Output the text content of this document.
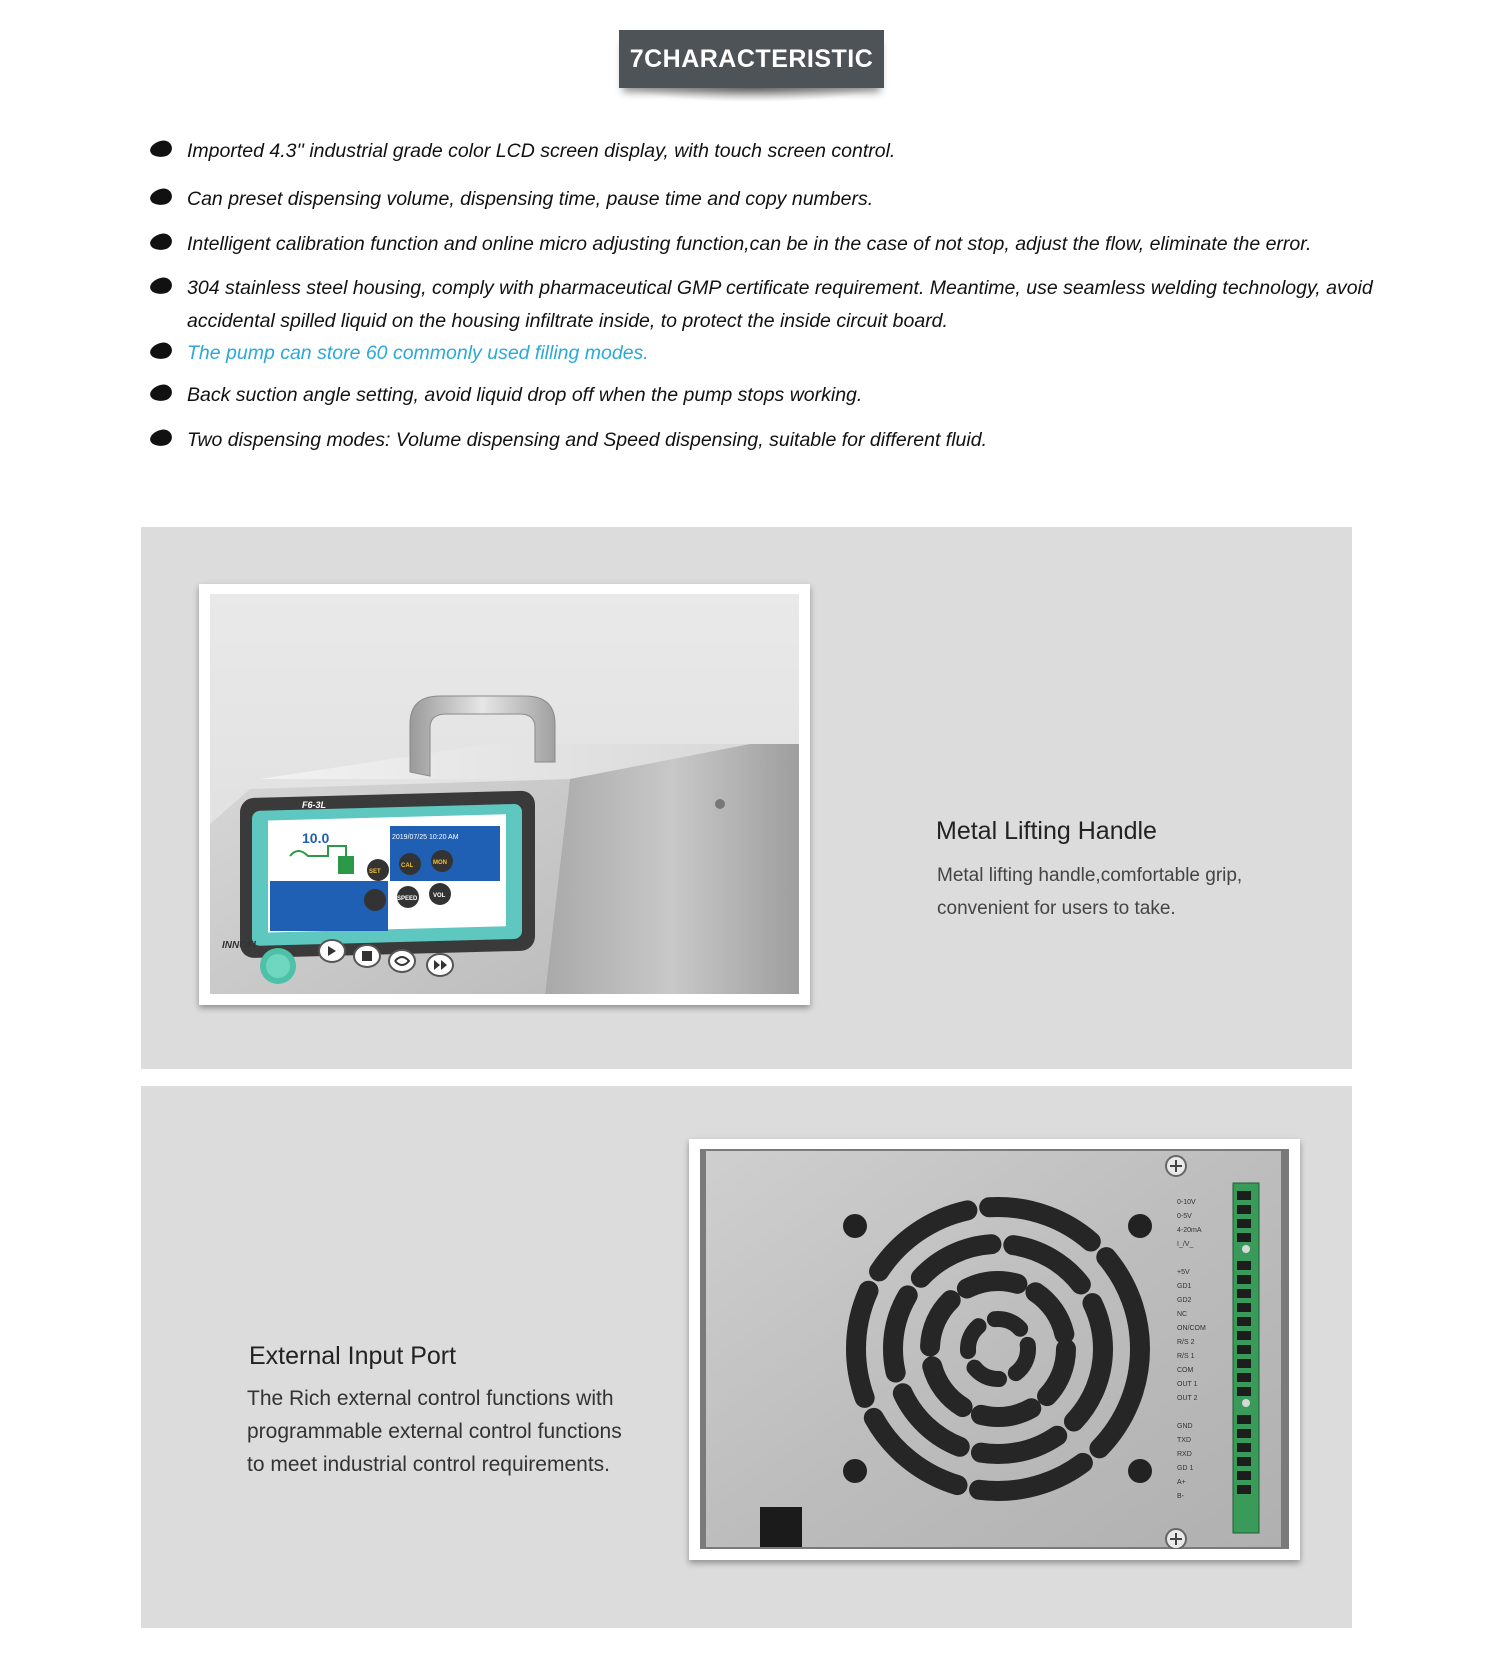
7CHARACTERISTIC
Imported 4.3'' industrial grade color LCD screen display, with touch screen control.
Can preset dispensing volume, dispensing time, pause time and copy numbers.
Intelligent calibration function and online micro adjusting function,can be in the case of not stop, adjust the flow, eliminate the error.
304 stainless steel housing, comply with pharmaceutical GMP certificate requirement. Meantime, use seamless welding technology, avoid accidental spilled liquid on the housing infiltrate inside, to protect the inside circuit board.
The pump can store 60 commonly used filling modes.
Back suction angle setting, avoid liquid drop off when the pump stops working.
Two dispensing modes: Volume dispensing and Speed dispensing, suitable for different fluid.
10.0	2019/07/25 10:20 AM
SET
CAL	MON
SPEED	VOL
F6-3L
INNOFI
Metal Lifting Handle
Metal lifting handle,comfortable grip, convenient for users to take.
External Input Port
The Rich external control functions with programmable external control functions to meet industrial control requirements.
0-10V
0-5V
4-20mA
I_/V_
+5V
GD1
GD2
NC
ON/COM
R/S 2
R/S 1
COM
OUT 1
OUT 2
GND
TXD
RXD
GD 1
A+
B-
